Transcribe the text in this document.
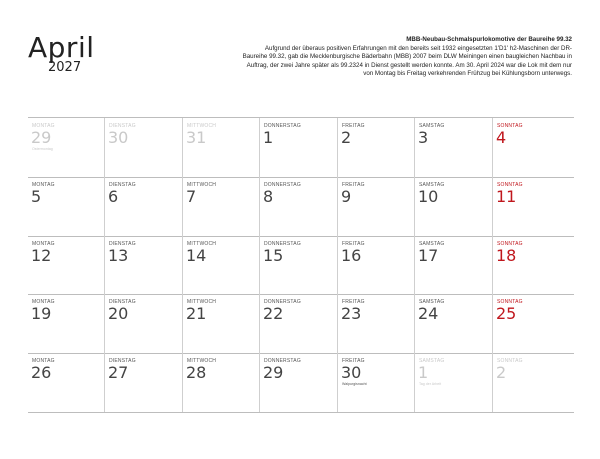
April
2027
MBB-Neubau-Schmalspurlokomotive der Baureihe 99.32
Aufgrund der überaus positiven Erfahrungen mit den bereits seit 1932 eingesetzten 1'D1' h2-Maschinen der DR-Baureihe 99.32, gab die Mecklenburgische Bäderbahn (MBB) 2007 beim DLW Meiningen einen baugleichen Nachbau in Auftrag, der zwei Jahre später als 99.2324 in Dienst gestellt werden konnte. Am 30. April 2024 war die Lok mit dem nur von Montag bis Freitag verkehrenden Frühzug bei Kühlungsborn unterwegs.
MONTAG
29
Ostermontag
DIENSTAG
30
MITTWOCH
31
DONNERSTAG
1
FREITAG
2
SAMSTAG
3
SONNTAG
4
MONTAG
5
DIENSTAG
6
MITTWOCH
7
DONNERSTAG
8
FREITAG
9
SAMSTAG
10
SONNTAG
11
MONTAG
12
DIENSTAG
13
MITTWOCH
14
DONNERSTAG
15
FREITAG
16
SAMSTAG
17
SONNTAG
18
MONTAG
19
DIENSTAG
20
MITTWOCH
21
DONNERSTAG
22
FREITAG
23
SAMSTAG
24
SONNTAG
25
MONTAG
26
DIENSTAG
27
MITTWOCH
28
DONNERSTAG
29
FREITAG
30
Walpurgisnacht
SAMSTAG
1
Tag der Arbeit
SONNTAG
2
